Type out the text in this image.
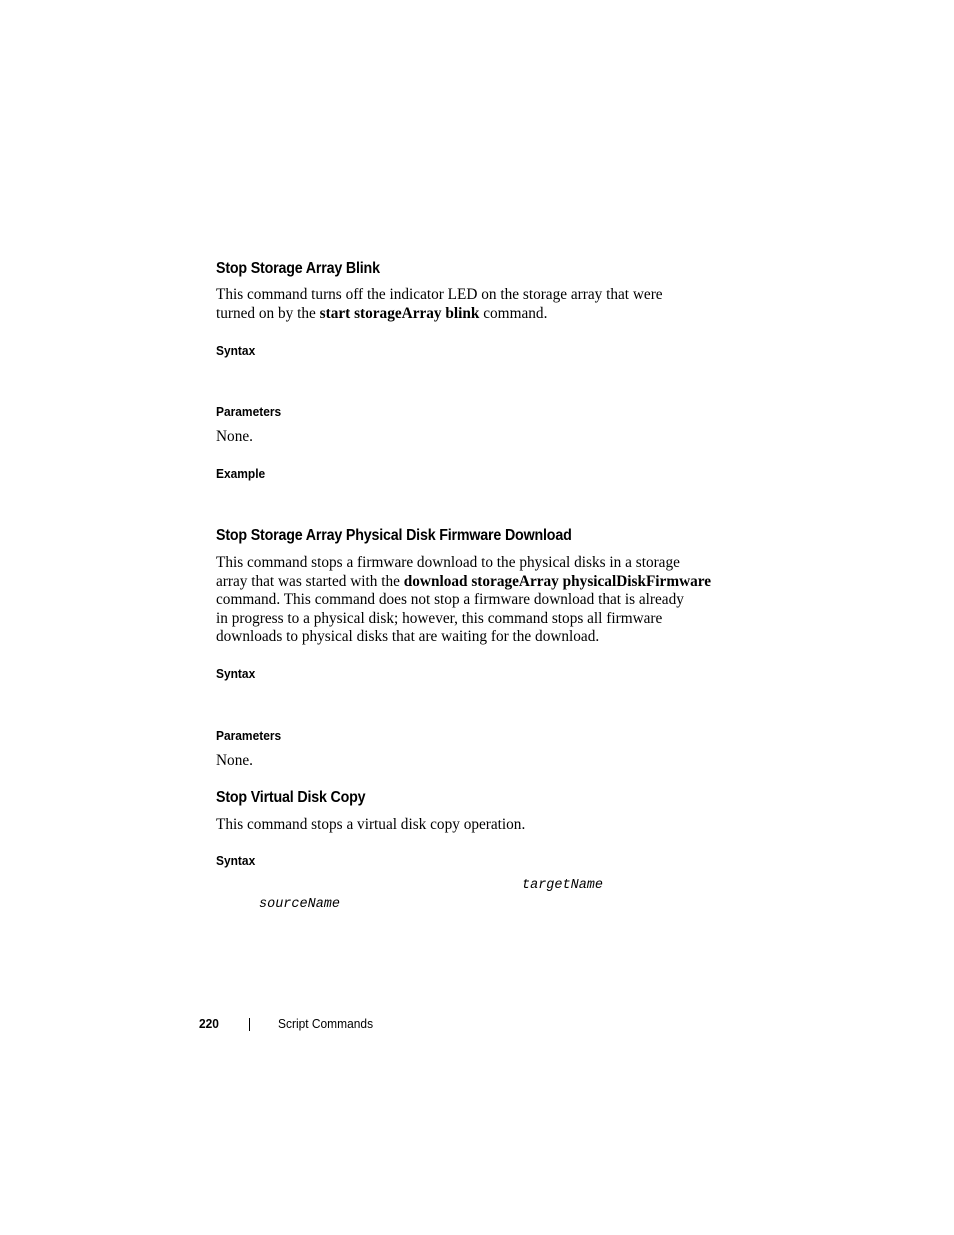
Stop Storage Array Blink
This command turns off the indicator LED on the storage array that were
turned on by the start storageArray blink command.
Syntax
Parameters
None.
Example
Stop Storage Array Physical Disk Firmware Download
This command stops a firmware download to the physical disks in a storage
array that was started with the download storageArray physicalDiskFirmware
command. This command does not stop a firmware download that is already
in progress to a physical disk; however, this command stops all firmware
downloads to physical disks that are waiting for the download.
Syntax
Parameters
None.
Stop Virtual Disk Copy
This command stops a virtual disk copy operation.
Syntax
targetName
sourceName
220	Script Commands
